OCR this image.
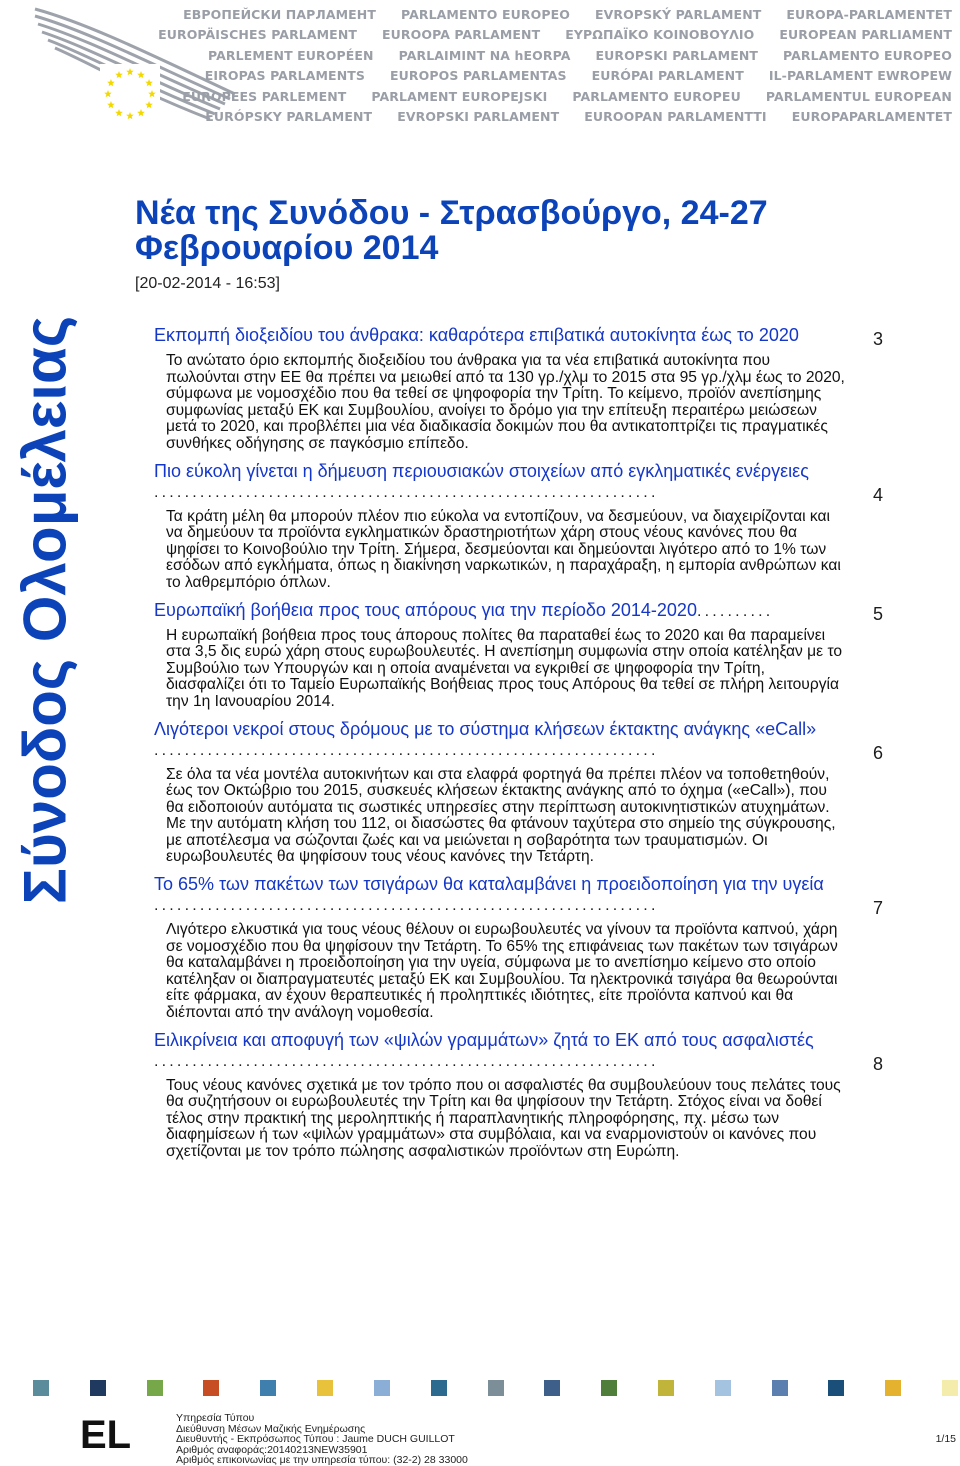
ЕВРОПЕЙСКИ ПАРЛАМЕНТ PARLAMENTO EUROPEO EVROPSKÝ PARLAMENT EUROPA-PARLAMENTET
EUROPÄISCHES PARLAMENT EUROOPA PARLAMENT ΕΥΡΩΠΑΪΚΟ ΚΟΙΝΟΒΟΥΛΙΟ EUROPEAN PARLIAMENT
PARLEMENT EUROPÉEN PARLAIMINT NA hEORPA EUROPSKI PARLAMENT PARLAMENTO EUROPEO
EIROPAS PARLAMENTS EUROPOS PARLAMENTAS EURÓPAI PARLAMENT IL-PARLAMENT EWROPEW
EUROPEES PARLEMENT PARLAMENT EUROPEJSKI PARLAMENTO EUROPEU PARLAMENTUL EUROPEAN
EURÓPSKY PARLAMENT EVROPSKI PARLAMENT EUROOPAN PARLAMENTTI EUROPAPARLAMENTET
Σύνοδος Ολομέλειας
Νέα της Συνόδου - Στρασβούργο, 24-27 Φεβρουαρίου 2014
[20-02-2014 - 16:53]
Εκπομπή διοξειδίου του άνθρακα: καθαρότερα επιβατικά αυτοκίνητα έως το 2020	3
Το ανώτατο όριο εκπομπής διοξειδίου του άνθρακα για τα νέα επιβατικά αυτοκίνητα που πωλούνται στην ΕΕ θα πρέπει να μειωθεί από τα 130 γρ./χλμ το 2015 στα 95 γρ./χλμ έως το 2020, σύμφωνα με νομοσχέδιο που θα τεθεί σε ψηφοφορία την Τρίτη. Το κείμενο, προϊόν ανεπίσημης συμφωνίας μεταξύ ΕΚ και Συμβουλίου, ανοίγει το δρόμο για την επίτευξη περαιτέρω μειώσεων μετά το 2020, και προβλέπει μια νέα διαδικασία δοκιμών που θα αντικατοπτρίζει τις πραγματικές συνθήκες οδήγησης σε παγκόσμιο επίπεδο.
Πιο εύκολη γίνεται η δήμευση περιουσιακών στοιχείων από εγκληματικές ενέργειες
..................................................................	4
Τα κράτη μέλη θα μπορούν πλέον πιο εύκολα να εντοπίζουν, να δεσμεύουν, να διαχειρίζονται και να δημεύουν τα προϊόντα εγκληματικών δραστηριοτήτων χάρη στους νέους κανόνες που θα ψηφίσει το Κοινοβούλιο την Τρίτη. Σήμερα, δεσμεύονται και δημεύονται λιγότερο από το 1% των εσόδων από εγκλήματα, όπως η διακίνηση ναρκωτικών, η παραχάραξη, η εμπορία ανθρώπων και το λαθρεμπόριο όπλων.
Ευρωπαϊκή βοήθεια προς τους απόρους για την περίοδο 2014-2020..........	5
Η ευρωπαϊκή βοήθεια προς τους άπορους πολίτες θα παραταθεί έως το 2020 και θα παραμείνει στα 3,5 δις ευρώ χάρη στους ευρωβουλευτές. Η ανεπίσημη συμφωνία στην οποία κατέληξαν με το Συμβούλιο των Υπουργών και η οποία αναμένεται να εγκριθεί σε ψηφοφορία την Τρίτη, διασφαλίζει ότι το Ταμείο Ευρωπαϊκής Βοήθειας προς τους Απόρους θα τεθεί σε πλήρη λειτουργία την 1η Ιανουαρίου 2014.
Λιγότεροι νεκροί στους δρόμους με το σύστημα κλήσεων έκτακτης ανάγκης «eCall»
..................................................................	6
Σε όλα τα νέα μοντέλα αυτοκινήτων και στα ελαφρά φορτηγά θα πρέπει πλέον να τοποθετηθούν, έως τον Οκτώβριο του 2015, συσκευές κλήσεων έκτακτης ανάγκης από το όχημα («eCall»), που θα ειδοποιούν αυτόματα τις σωστικές υπηρεσίες στην περίπτωση αυτοκινητιστικών ατυχημάτων. Με την αυτόματη κλήση του 112, οι διασώστες θα φτάνουν ταχύτερα στο σημείο της σύγκρουσης, με αποτέλεσμα να σώζονται ζωές και να μειώνεται η σοβαρότητα των τραυματισμών. Οι ευρωβουλευτές θα ψηφίσουν τους νέους κανόνες την Τετάρτη.
Το 65% των πακέτων των τσιγάρων θα καταλαμβάνει η προειδοποίηση για την υγεία
..................................................................	7
Λιγότερο ελκυστικά για τους νέους θέλουν οι ευρωβουλευτές να γίνουν τα προϊόντα καπνού, χάρη σε νομοσχέδιο που θα ψηφίσουν την Τετάρτη. Το 65% της επιφάνειας των πακέτων των τσιγάρων θα καταλαμβάνει η προειδοποίηση για την υγεία, σύμφωνα με το ανεπίσημο κείμενο στο οποίο κατέληξαν οι διαπραγματευτές μεταξύ ΕΚ και Συμβουλίου. Τα ηλεκτρονικά τσιγάρα θα θεωρούνται είτε φάρμακα, αν έχουν θεραπευτικές ή προληπτικές ιδιότητες, είτε προϊόντα καπνού και θα διέπονται από την ανάλογη νομοθεσία.
Ειλικρίνεια και αποφυγή των «ψιλών γραμμάτων» ζητά το ΕΚ από τους ασφαλιστές
..................................................................	8
Τους νέους κανόνες σχετικά με τον τρόπο που οι ασφαλιστές θα συμβουλεύουν τους πελάτες τους θα συζητήσουν οι ευρωβουλευτές την Τρίτη και θα ψηφίσουν την Τετάρτη. Στόχος είναι να δοθεί τέλος στην πρακτική της μεροληπτικής ή παραπλανητικής πληροφόρησης, πχ. μέσω των διαφημίσεων ή των «ψιλών γραμμάτων» στα συμβόλαια, και να εναρμονιστούν οι κανόνες που σχετίζονται με τον τρόπο πώλησης ασφαλιστικών προϊόντων στη Ευρώπη.
EL	Υπηρεσία Τύπου
Διεύθυνση Μέσων Μαζικής Ενημέρωσης
Διευθυντής - Εκπρόσωπος Τύπου : Jaume DUCH GUILLOT
Αριθμός αναφοράς:20140213NEW35901
Αριθμός επικοινωνίας με την υπηρεσία τύπου: (32-2) 28 33000
1/15
